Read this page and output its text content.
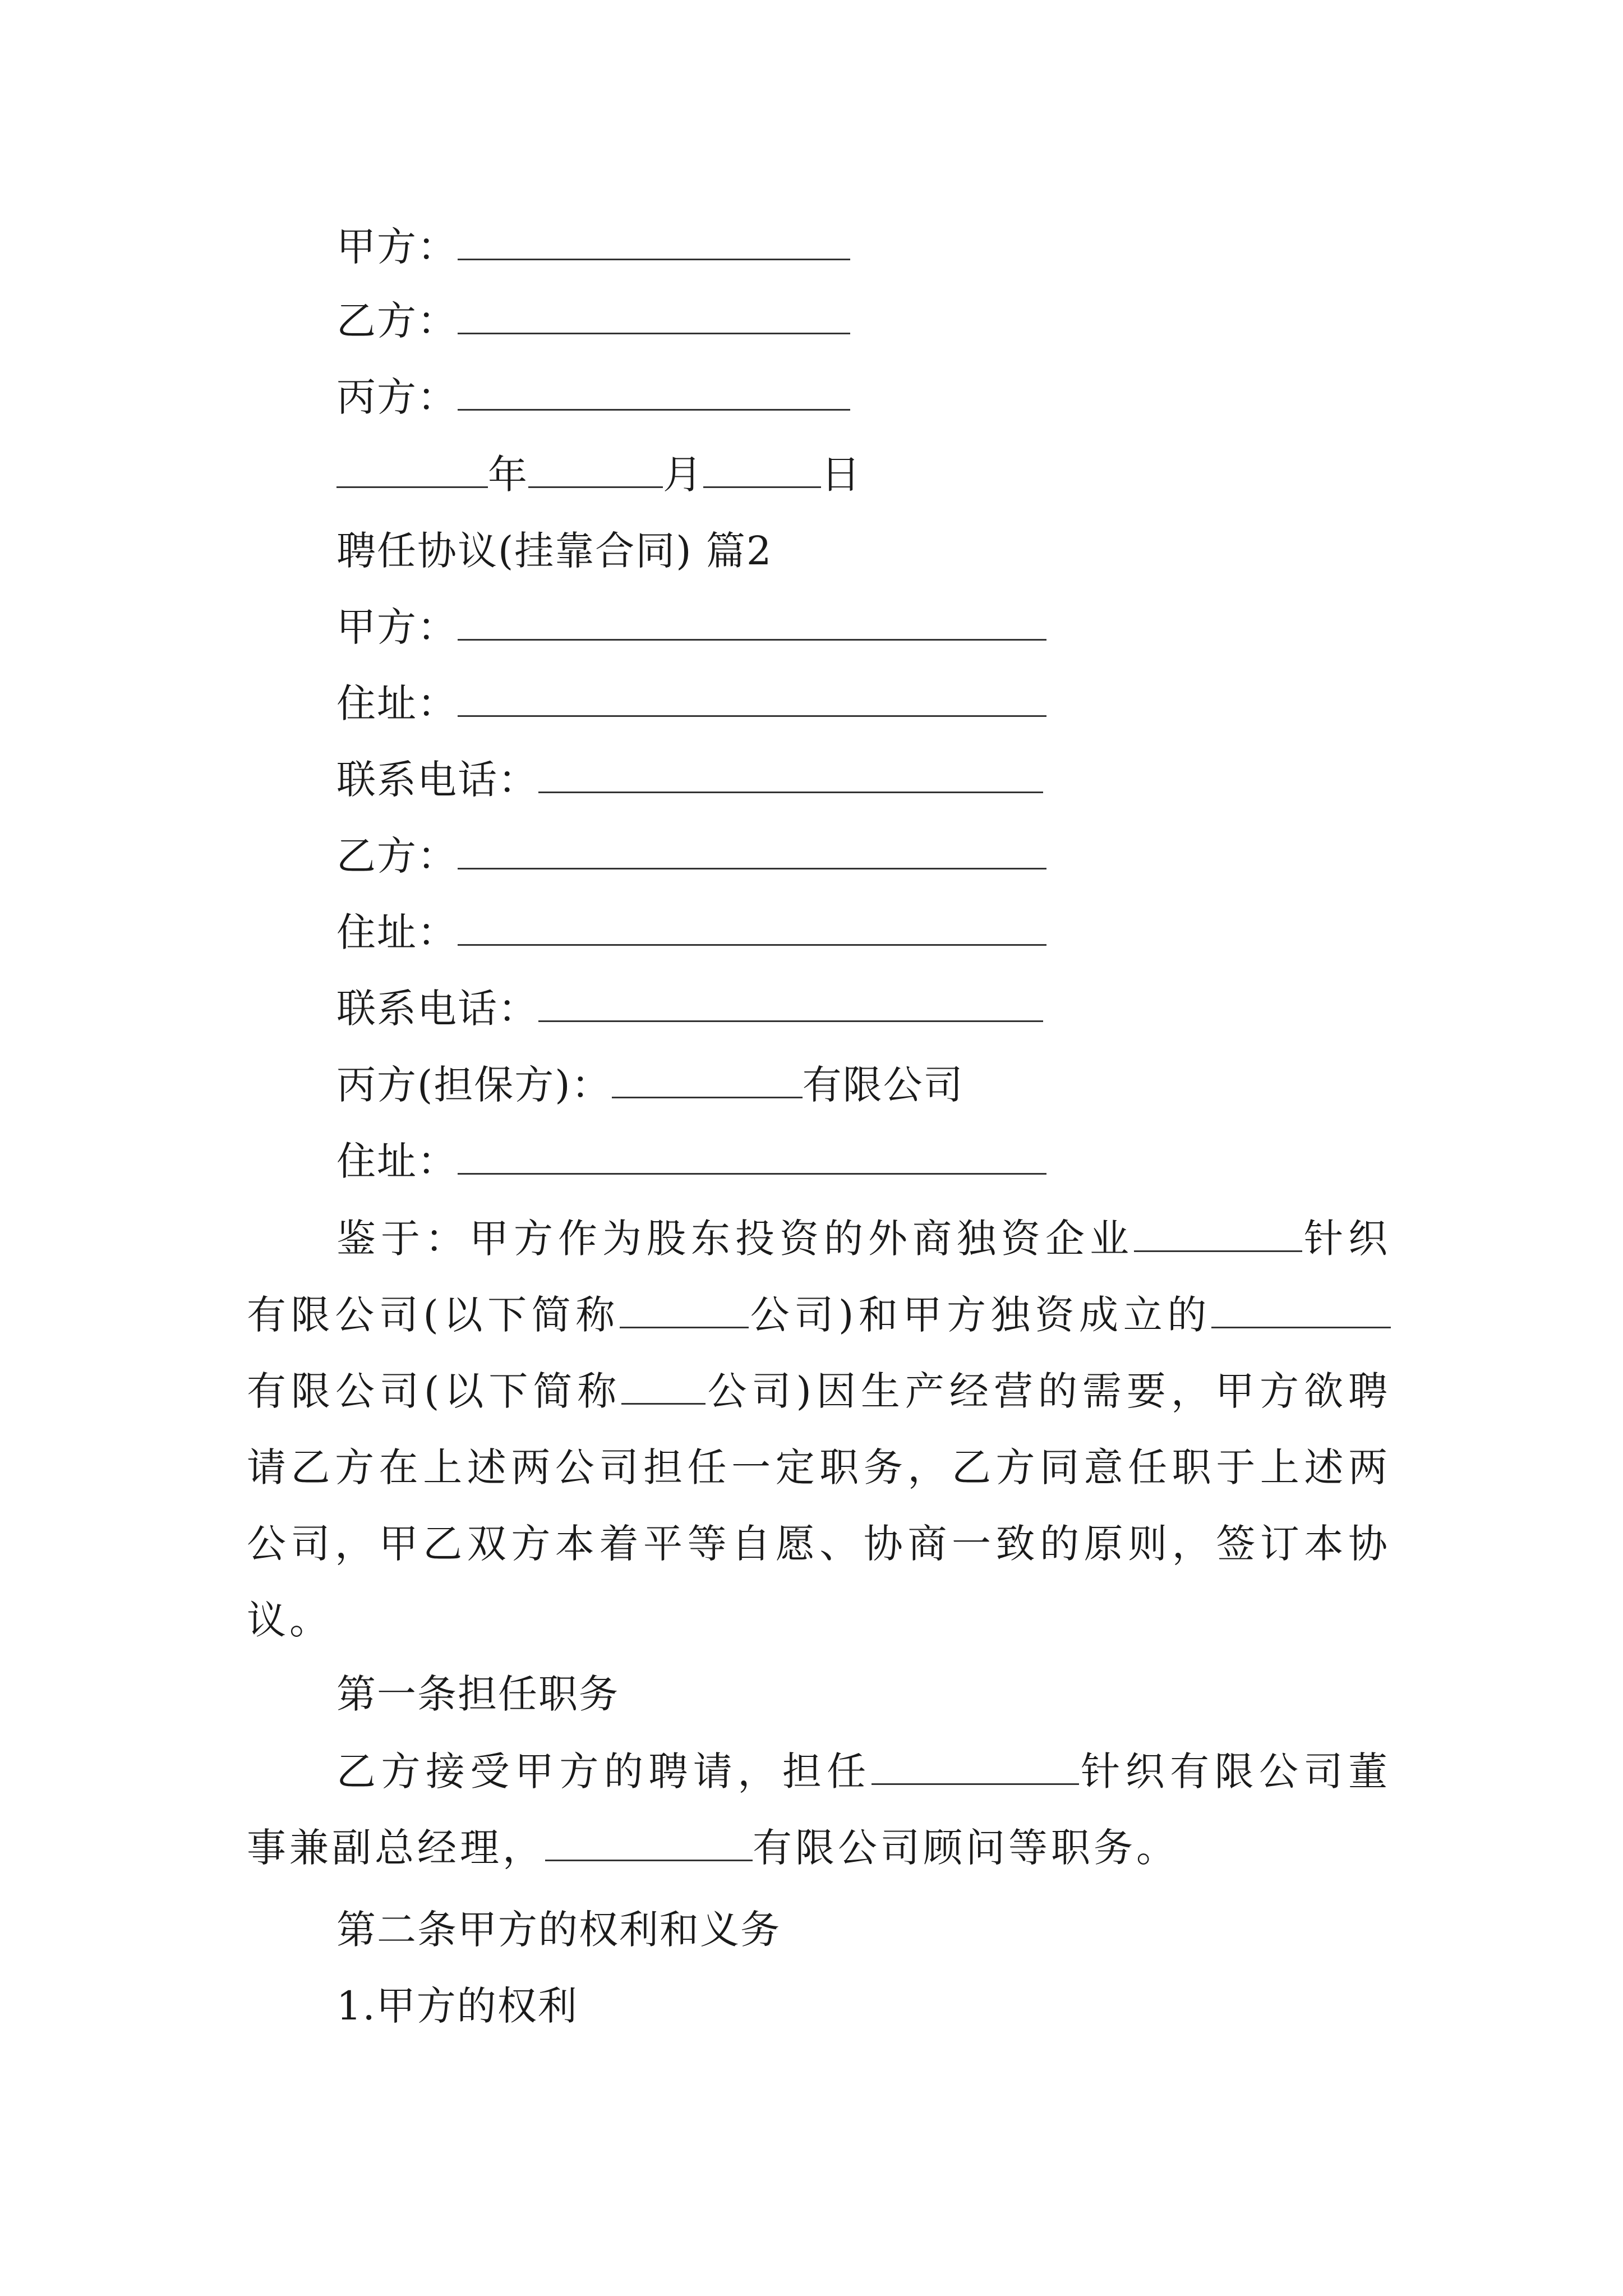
甲方：
乙方：
丙方：
年	月	日
聘任协议(挂靠合同) 篇2
甲方：
住址：
联系电话：
乙方：
住址：
联系电话：
丙方(担保方)：	有限公司
住址：
鉴于：甲方作为股东投资的外商独资企业	针织有限公司(以下简称	公司)和甲方独资成立的有限公司(以下简称 公司)因生产经营的需要，甲方欲聘请乙方在上述两公司担任一定职务，乙方同意任职于上述两公司，甲乙双方本着平等自愿、协商一致的原则，签订本协议。
第一条担任职务
乙方接受甲方的聘请，担任	针织有限公司董事兼副总经理，	有限公司顾问等职务。
第二条甲方的权利和义务
1.甲方的权利
